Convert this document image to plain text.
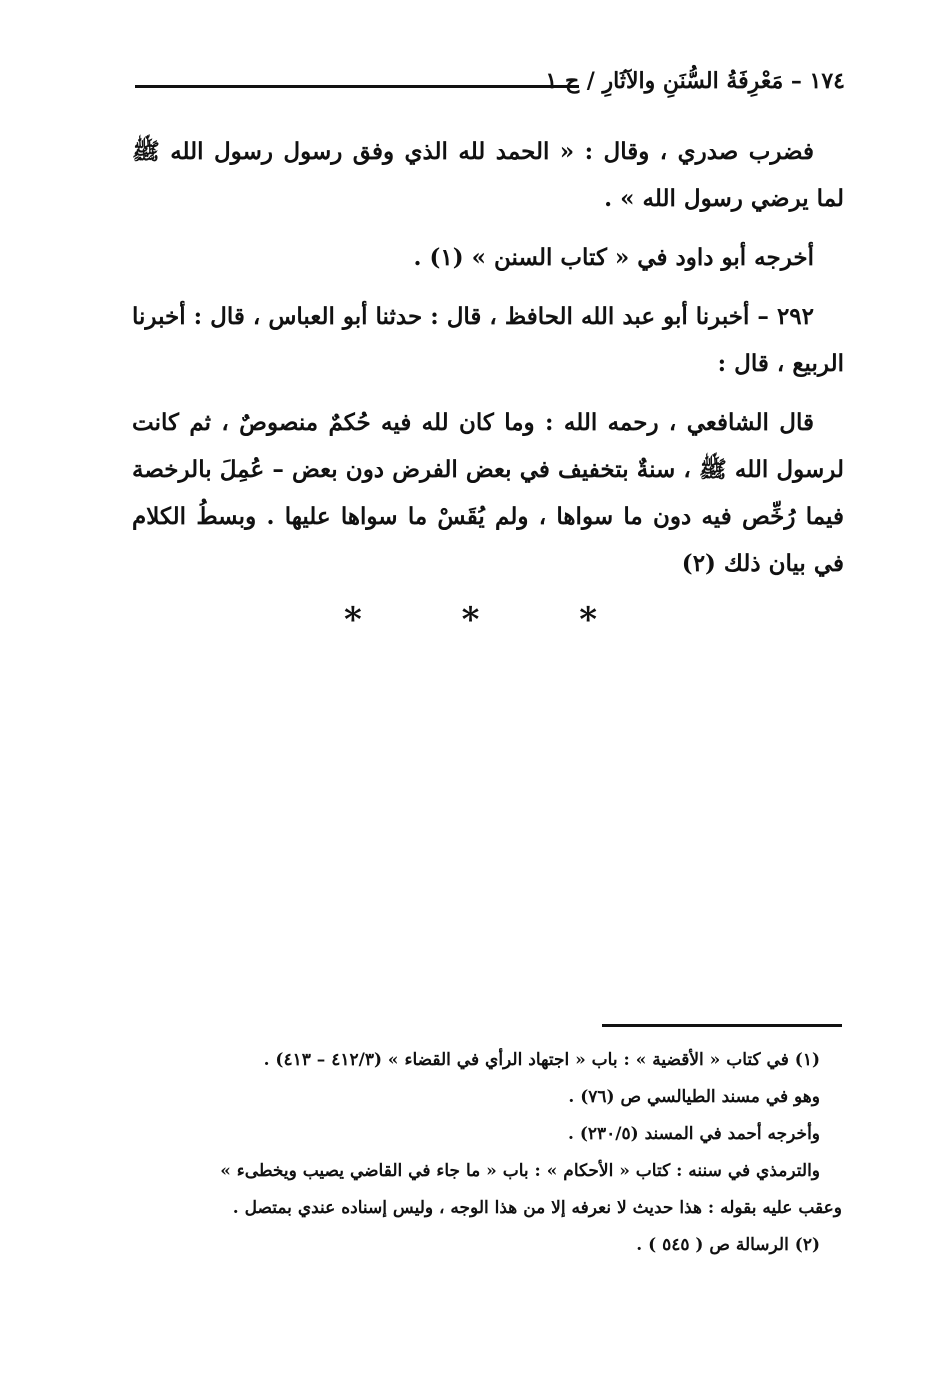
١٧٤ – مَعْرِفَةُ السُّنَنِ والآثَارِ / ج ١

فضرب صدري ، وقال : « الحمد لله الذي وفق رسول رسول الله ﷺ لما يرضي رسول الله » .

أخرجه أبو داود في « كتاب السنن » (١) .

٢٩٢ – أخبرنا أبو عبد الله الحافظ ، قال : حدثنا أبو العباس ، قال : أخبرنا الربيع ، قال :

قال الشافعي ، رحمه الله : وما كان لله فيه حُكمٌ منصوصٌ ، ثم كانت لرسول الله ﷺ ، سنةٌ بتخفيف في بعض الفرض دون بعض – عُمِلَ بالرخصة فيما رُخِّص فيه دون ما سواها ، ولم يُقَسْ ما سواها عليها . وبسطُ الكلام في بيان ذلك (٢)

* * *
(١) في كتاب « الأقضية » : باب « اجتهاد الرأي في القضاء » (٤١٢/٣ – ٤١٣) .
وهو في مسند الطيالسي ص (٧٦) .
وأخرجه أحمد في المسند (٢٣٠/٥) .
والترمذي في سننه : كتاب « الأحكام » : باب « ما جاء في القاضي يصيب ويخطىء »
وعقب عليه بقوله : هذا حديث لا نعرفه إلا من هذا الوجه ، وليس إسناده عندي بمتصل .
(٢) الرسالة ص ( ٥٤٥ ) .
